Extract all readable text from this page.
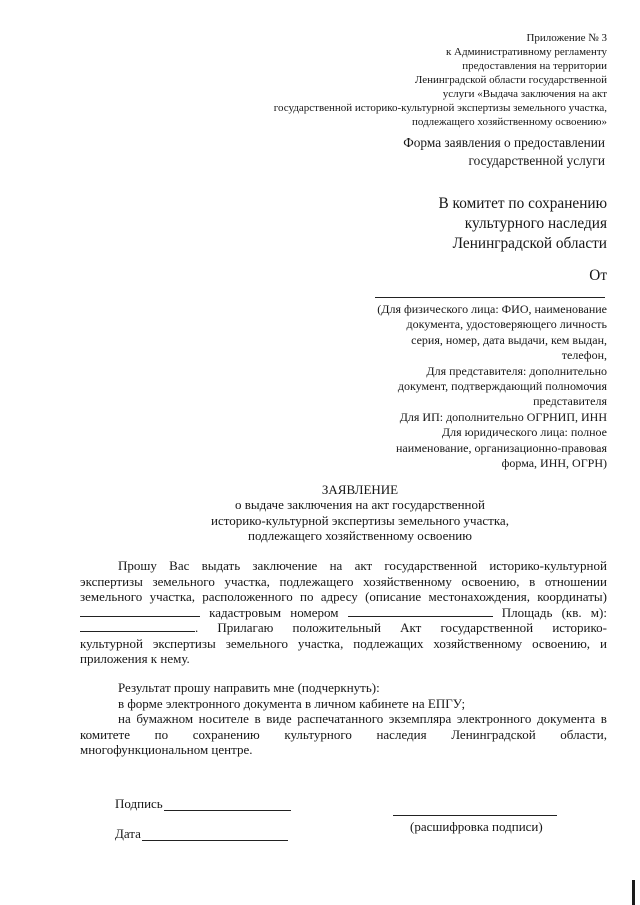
Приложение № 3
к Административному регламенту
предоставления на территории
Ленинградской области государственной
услуги «Выдача заключения на акт
государственной историко-культурной экспертизы земельного участка,
подлежащего хозяйственному освоению»
Форма заявления о предоставлении
государственной услуги
В комитет по сохранению
культурного наследия
Ленинградской области
От
(Для физического лица: ФИО, наименование
документа, удостоверяющего личность
серия, номер, дата выдачи, кем выдан,
телефон,
Для представителя: дополнительно
документ, подтверждающий полномочия
представителя
Для ИП: дополнительно ОГРНИП, ИНН
Для юридического лица: полное
наименование, организационно-правовая
форма, ИНН, ОГРН)
ЗАЯВЛЕНИЕ
о выдаче заключения на акт государственной
историко-культурной экспертизы земельного участка,
подлежащего хозяйственному освоению
Прошу Вас выдать заключение на акт государственной историко-культурной
экспертизы земельного участка, подлежащего хозяйственному освоению, в отношении
земельного участка, расположенного по адресу (описание местонахождения, координаты)
кадастровым номером	Площадь (кв. м):
. Прилагаю положительный Акт государственной историко-
культурной экспертизы земельного участка, подлежащих хозяйственному освоению, и
приложения к нему.
Результат прошу направить мне (подчеркнуть):
в форме электронного документа в личном кабинете на ЕПГУ;
на бумажном носителе в виде распечатанного экземпляра электронного документа в
комитете по сохранению культурного наследия Ленинградской области,
многофункциональном центре.
Подпись
Дата	(расшифровка подписи)
